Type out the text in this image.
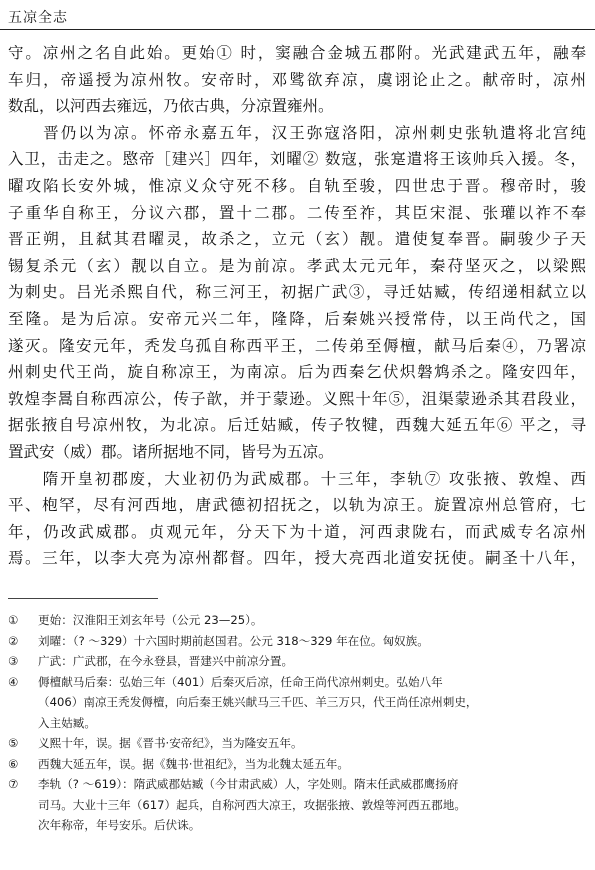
五凉全志
守。凉州之名自此始。更始① 时，窦融合金城五郡附。光武建武五年，融奉
车归，帝遥授为凉州牧。安帝时，邓骘欲弃凉，虞诩论止之。献帝时，凉州
数乱，以河西去雍远，乃依古典，分凉置雍州。
　　晋仍以为凉。怀帝永嘉五年，汉王弥寇洛阳，凉州刺史张轨遣将北宫纯
入卫，击走之。愍帝［建兴］四年，刘曜② 数寇，张寔遣将王该帅兵入援。冬，
曜攻陷长安外城，惟凉义众守死不移。自轨至骏，四世忠于晋。穆帝时，骏
子重华自称王，分议六郡，置十二郡。二传至祚，其臣宋混、张瓘以祚不奉
晋正朔，且弑其君曜灵，故杀之，立元（玄）靓。遣使复奉晋。嗣骏少子天
锡复杀元（玄）靓以自立。是为前凉。孝武太元元年，秦苻坚灭之，以梁熙
为刺史。吕光杀熙自代，称三河王，初据广武③，寻迁姑臧，传绍递相弑立以
至隆。是为后凉。安帝元兴二年，隆降，后秦姚兴授常侍，以王尚代之，国
遂灭。隆安元年，秃发乌孤自称西平王，二传弟至傉檀，献马后秦④，乃署凉
州刺史代王尚，旋自称凉王，为南凉。后为西秦乞伏炽磐鸩杀之。隆安四年，
敦煌李暠自称西凉公，传子歆，并于蒙逊。义熙十年⑤，沮渠蒙逊杀其君段业，
据张掖自号凉州牧，为北凉。后迁姑臧，传子牧犍，西魏大延五年⑥ 平之，寻
置武安（威）郡。诸所据地不同，皆号为五凉。
　　隋开皇初郡废，大业初仍为武威郡。十三年，李轨⑦ 攻张掖、敦煌、西
平、枹罕，尽有河西地，唐武德初招抚之，以轨为凉王。旋置凉州总管府，七
年，仍改武威郡。贞观元年，分天下为十道，河西隶陇右，而武威专名凉州
焉。三年，以李大亮为凉州都督。四年，授大亮西北道安抚使。嗣圣十八年，
① 更始：汉淮阳王刘玄年号（公元 23—25）。
② 刘曜：（? ～329）十六国时期前赵国君。公元 318～329 年在位。匈奴族。
③ 广武：广武郡，在今永登县，晋建兴中前凉分置。
④ 傉檀献马后秦：弘始三年（401）后秦灭后凉，任命王尚代凉州刺史。弘始八年
（406）南凉王秃发傉檀，向后秦王姚兴献马三千匹、羊三万只，代王尚任凉州刺史，
入主姑臧。
⑤ 义熙十年，误。据《晋书·安帝纪》，当为隆安五年。
⑥ 西魏大延五年，误。据《魏书·世祖纪》，当为北魏太延五年。
⑦ 李轨（? ～619）：隋武威郡姑臧（今甘肃武威）人，字处则。隋末任武威郡鹰扬府
司马。大业十三年（617）起兵，自称河西大凉王，攻据张掖、敦煌等河西五郡地。
次年称帝，年号安乐。后伏诛。
